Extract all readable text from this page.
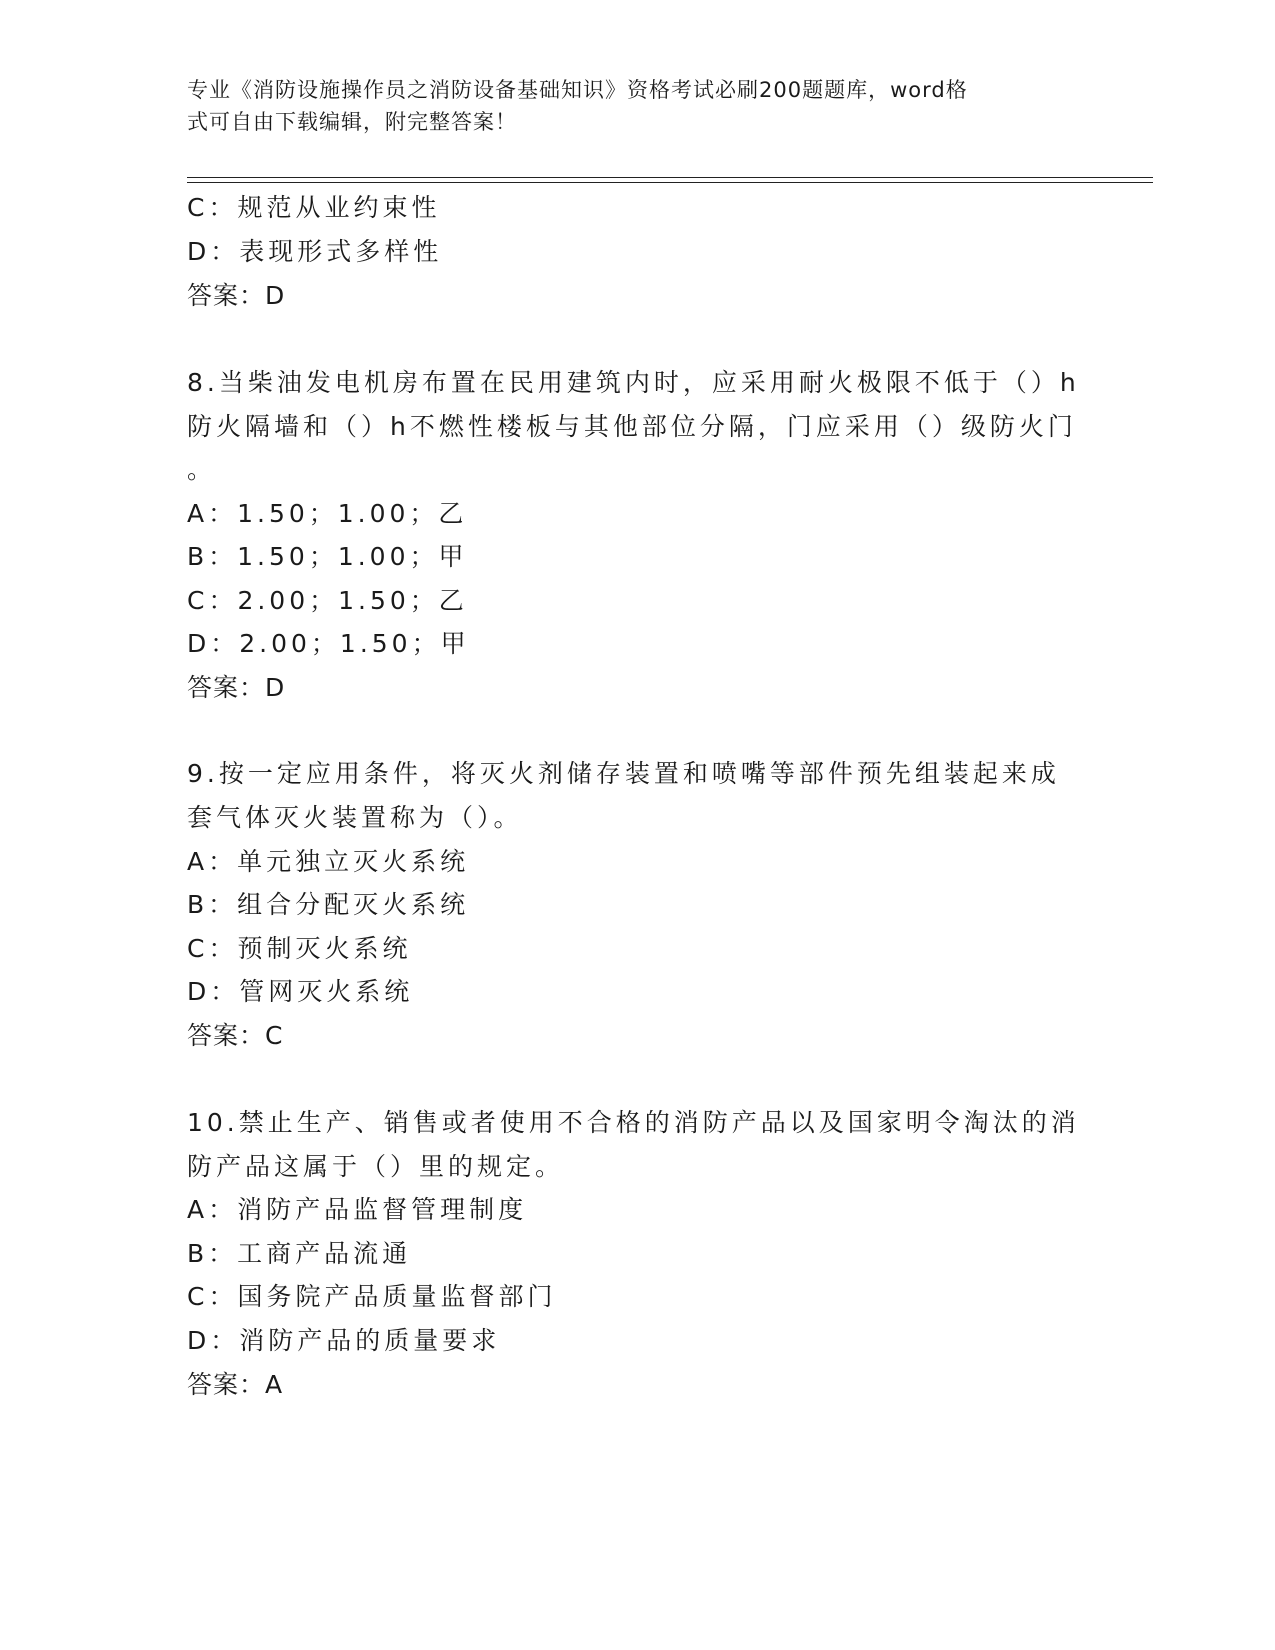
专业《消防设施操作员之消防设备基础知识》资格考试必刷200题题库，word格
式可自由下载编辑，附完整答案！
C：规范从业约束性
D：表现形式多样性
答案：D
8.当柴油发电机房布置在民用建筑内时，应采用耐火极限不低于（）h
防火隔墙和（）h不燃性楼板与其他部位分隔，门应采用（）级防火门
。
A：1.50；1.00；乙
B：1.50；1.00；甲
C：2.00；1.50；乙
D：2.00；1.50；甲
答案：D
9.按一定应用条件，将灭火剂储存装置和喷嘴等部件预先组装起来成
套气体灭火装置称为（）。
A：单元独立灭火系统
B：组合分配灭火系统
C：预制灭火系统
D：管网灭火系统
答案：C
10.禁止生产、销售或者使用不合格的消防产品以及国家明令淘汰的消
防产品这属于（）里的规定。
A：消防产品监督管理制度
B：工商产品流通
C：国务院产品质量监督部门
D：消防产品的质量要求
答案：A
